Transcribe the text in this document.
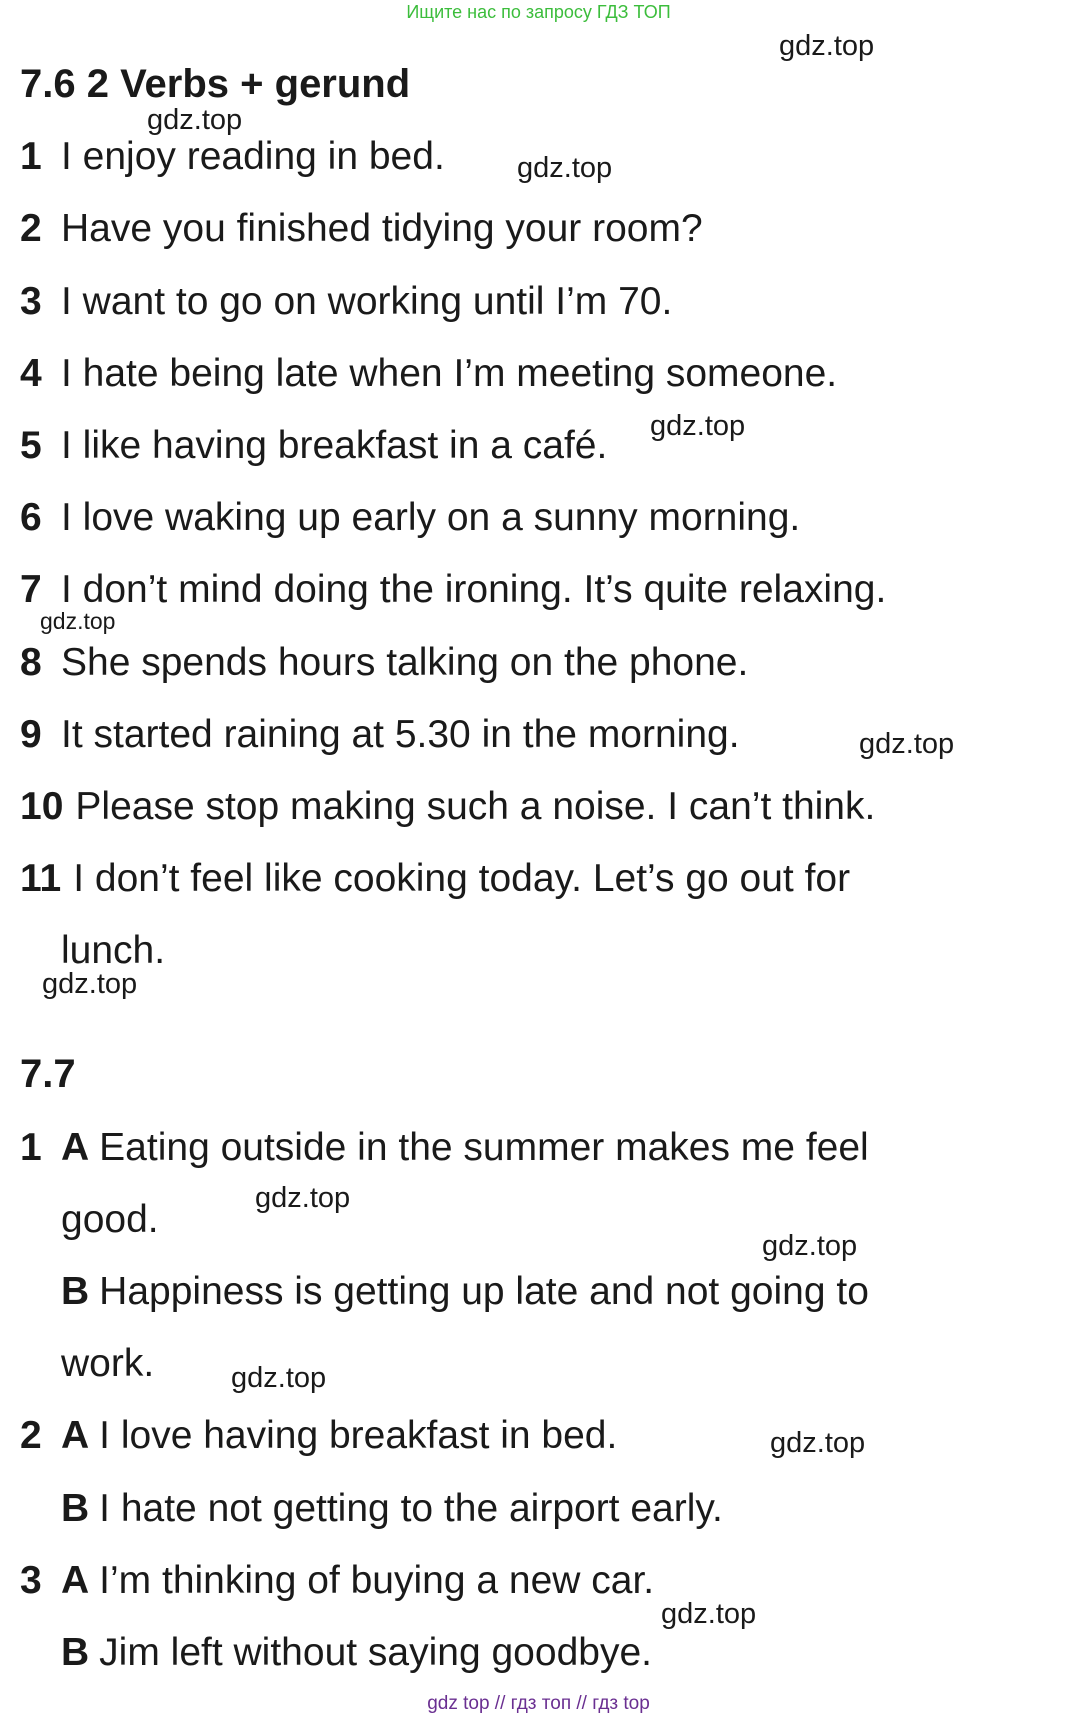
Ищите нас по запросу ГДЗ ТОП
gdz.top
gdz.top
gdz.top
gdz.top
gdz.top
gdz.top
gdz.top
gdz.top
gdz.top
gdz.top
gdz.top
gdz.top
7.6 2 Verbs + gerund
1 I enjoy reading in bed.
2 Have you finished tidying your room?
3 I want to go on working until I’m 70.
4 I hate being late when I’m meeting someone.
5 I like having breakfast in a café.
6 I love waking up early on a sunny morning.
7 I don’t mind doing the ironing. It’s quite relaxing.
8 She spends hours talking on the phone.
9 It started raining at 5.30 in the morning.
10 Please stop making such a noise. I can’t think.
11 I don’t feel like cooking today. Let’s go out for
lunch.
7.7
1 A Eating outside in the summer makes me feel
good.
B Happiness is getting up late and not going to
work.
2 A I love having breakfast in bed.
B I hate not getting to the airport early.
3 A I’m thinking of buying a new car.
B Jim left without saying goodbye.
gdz top // гдз топ // гдз top
